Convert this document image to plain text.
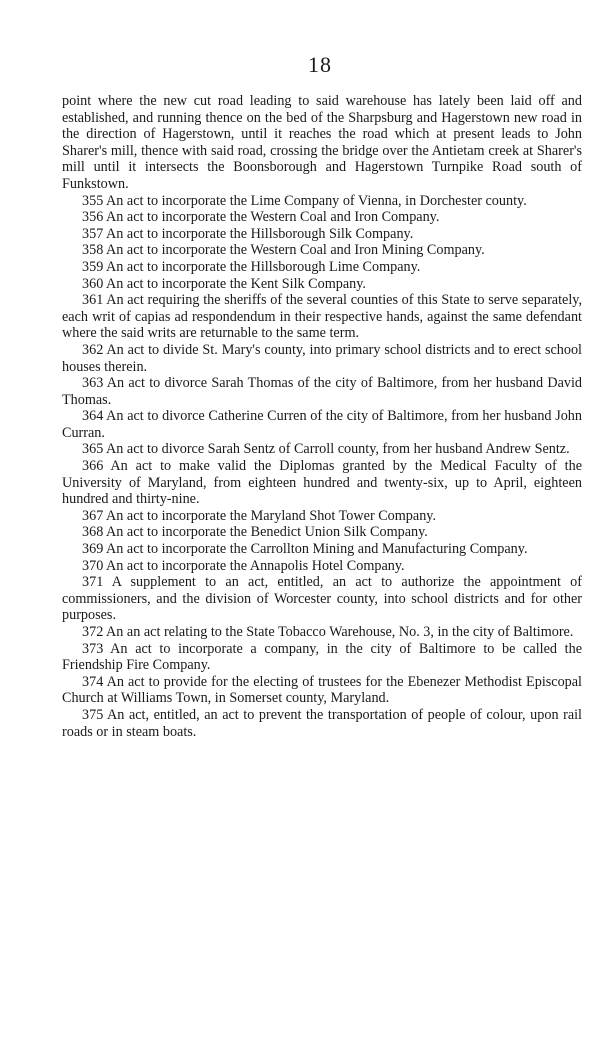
18

point where the new cut road leading to said warehouse has lately been laid off and established, and running thence on the bed of the Sharpsburg and Hagerstown new road in the direction of Hagerstown, until it reaches the road which at present leads to John Sharer's mill, thence with said road, crossing the bridge over the Antietam creek at Sharer's mill until it intersects the Boonsborough and Hagerstown Turnpike Road south of Funkstown.

355 An act to incorporate the Lime Company of Vienna, in Dorchester county.

356 An act to incorporate the Western Coal and Iron Company.

357 An act to incorporate the Hillsborough Silk Company.

358 An act to incorporate the Western Coal and Iron Mining Company.

359 An act to incorporate the Hillsborough Lime Company.

360 An act to incorporate the Kent Silk Company.

361 An act requiring the sheriffs of the several counties of this State to serve separately, each writ of capias ad respondendum in their respective hands, against the same defendant where the said writs are returnable to the same term.

362 An act to divide St. Mary's county, into primary school districts and to erect school houses therein.

363 An act to divorce Sarah Thomas of the city of Baltimore, from her husband David Thomas.

364 An act to divorce Catherine Curren of the city of Baltimore, from her husband John Curran.

365 An act to divorce Sarah Sentz of Carroll county, from her husband Andrew Sentz.

366 An act to make valid the Diplomas granted by the Medical Faculty of the University of Maryland, from eighteen hundred and twenty-six, up to April, eighteen hundred and thirty-nine.

367 An act to incorporate the Maryland Shot Tower Company.

368 An act to incorporate the Benedict Union Silk Company.

369 An act to incorporate the Carrollton Mining and Manufacturing Company.

370 An act to incorporate the Annapolis Hotel Company.

371 A supplement to an act, entitled, an act to authorize the appointment of commissioners, and the division of Worcester county, into school districts and for other purposes.

372 An an act relating to the State Tobacco Warehouse, No. 3, in the city of Baltimore.

373 An act to incorporate a company, in the city of Baltimore to be called the Friendship Fire Company.

374 An act to provide for the electing of trustees for the Ebenezer Methodist Episcopal Church at Williams Town, in Somerset county, Maryland.

375 An act, entitled, an act to prevent the transportation of people of colour, upon rail roads or in steam boats.
